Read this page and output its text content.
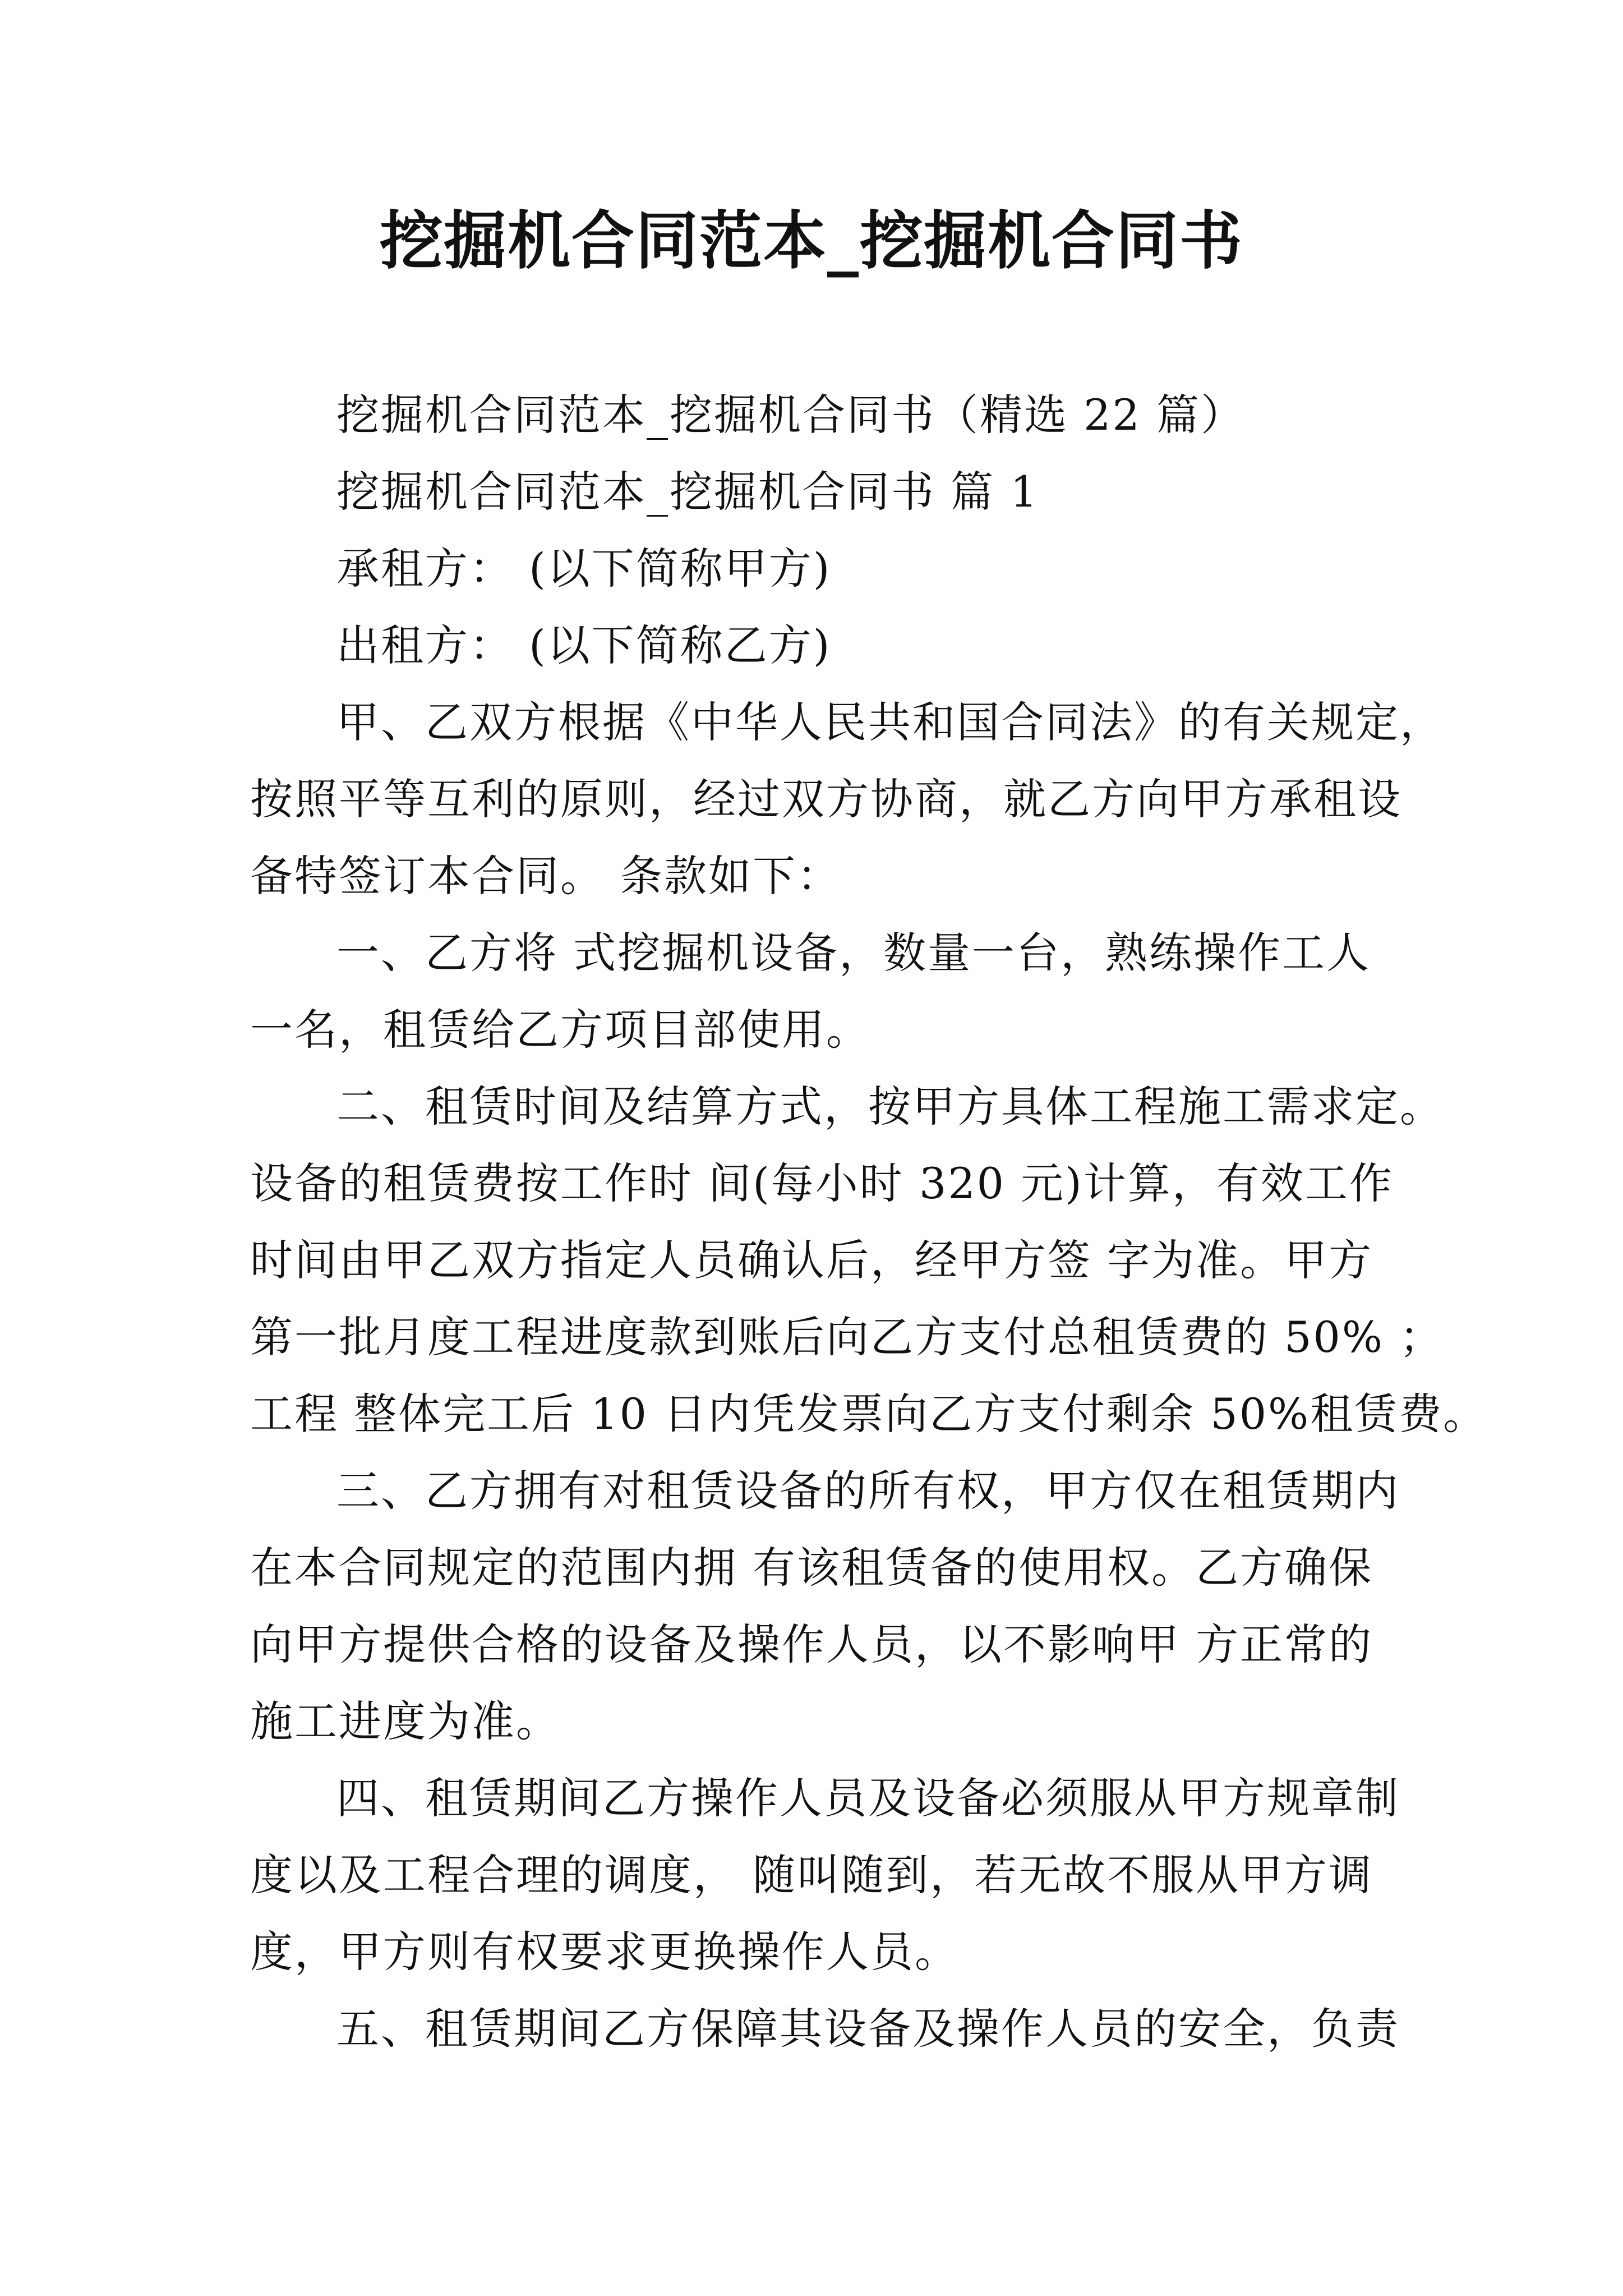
挖掘机合同范本_挖掘机合同书
挖掘机合同范本_挖掘机合同书（精选 22 篇）
挖掘机合同范本_挖掘机合同书 篇 1
承租方： (以下简称甲方)
出租方： (以下简称乙方)
甲、乙双方根据《中华人民共和国合同法》的有关规定，
按照平等互利的原则，经过双方协商，就乙方向甲方承租设
备特签订本合同。 条款如下：
一、乙方将 式挖掘机设备，数量一台，熟练操作工人
一名，租赁给乙方项目部使用。
二、租赁时间及结算方式，按甲方具体工程施工需求定。
设备的租赁费按工作时 间(每小时 320 元)计算，有效工作
时间由甲乙双方指定人员确认后，经甲方签 字为准。甲方
第一批月度工程进度款到账后向乙方支付总租赁费的 50% ；
工程 整体完工后 10 日内凭发票向乙方支付剩余 50%租赁费。
三、乙方拥有对租赁设备的所有权，甲方仅在租赁期内
在本合同规定的范围内拥 有该租赁备的使用权。乙方确保
向甲方提供合格的设备及操作人员，以不影响甲 方正常的
施工进度为准。
四、租赁期间乙方操作人员及设备必须服从甲方规章制
度以及工程合理的调度， 随叫随到，若无故不服从甲方调
度，甲方则有权要求更换操作人员。
五、租赁期间乙方保障其设备及操作人员的安全，负责
